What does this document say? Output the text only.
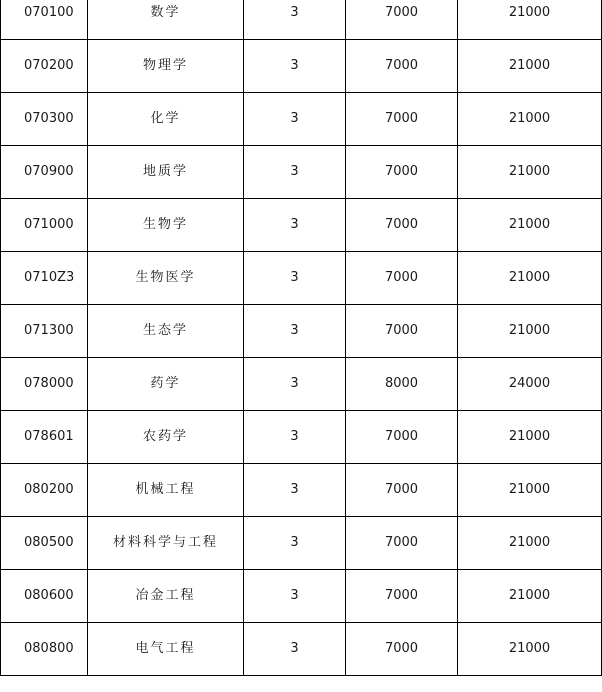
070100	数学	3	7000	21000
070200	物理学	3	7000	21000
070300	化学	3	7000	21000
070900	地质学	3	7000	21000
071000	生物学	3	7000	21000
0710Z3	生物医学	3	7000	21000
071300	生态学	3	7000	21000
078000	药学	3	8000	24000
078601	农药学	3	7000	21000
080200	机械工程	3	7000	21000
080500	材料科学与工程	3	7000	21000
080600	冶金工程	3	7000	21000
080800	电气工程	3	7000	21000
